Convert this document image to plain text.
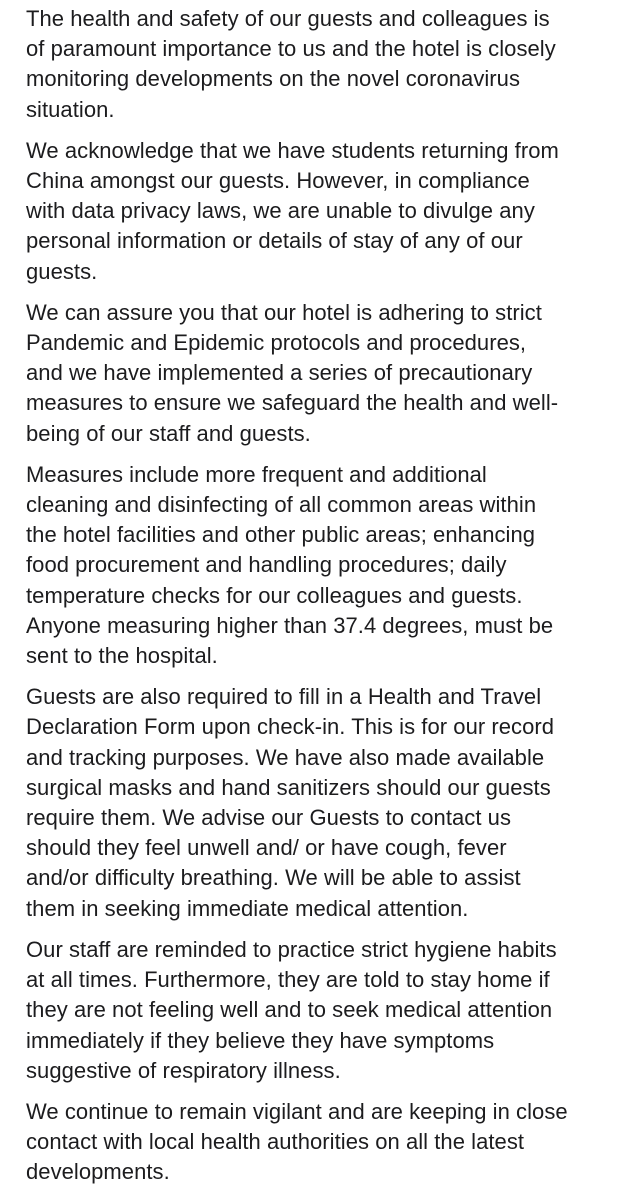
The health and safety of our guests and colleagues is
of paramount importance to us and the hotel is closely
monitoring developments on the novel coronavirus
situation.
We acknowledge that we have students returning from
China amongst our guests. However, in compliance
with data privacy laws, we are unable to divulge any
personal information or details of stay of any of our
guests.
We can assure you that our hotel is adhering to strict
Pandemic and Epidemic protocols and procedures,
and we have implemented a series of precautionary
measures to ensure we safeguard the health and well-
being of our staff and guests.
Measures include more frequent and additional
cleaning and disinfecting of all common areas within
the hotel facilities and other public areas; enhancing
food procurement and handling procedures; daily
temperature checks for our colleagues and guests.
Anyone measuring higher than 37.4 degrees, must be
sent to the hospital.
Guests are also required to fill in a Health and Travel
Declaration Form upon check-in. This is for our record
and tracking purposes. We have also made available
surgical masks and hand sanitizers should our guests
require them. We advise our Guests to contact us
should they feel unwell and/ or have cough, fever
and/or difficulty breathing. We will be able to assist
them in seeking immediate medical attention.
Our staff are reminded to practice strict hygiene habits
at all times. Furthermore, they are told to stay home if
they are not feeling well and to seek medical attention
immediately if they believe they have symptoms
suggestive of respiratory illness.
We continue to remain vigilant and are keeping in close
contact with local health authorities on all the latest
developments.
